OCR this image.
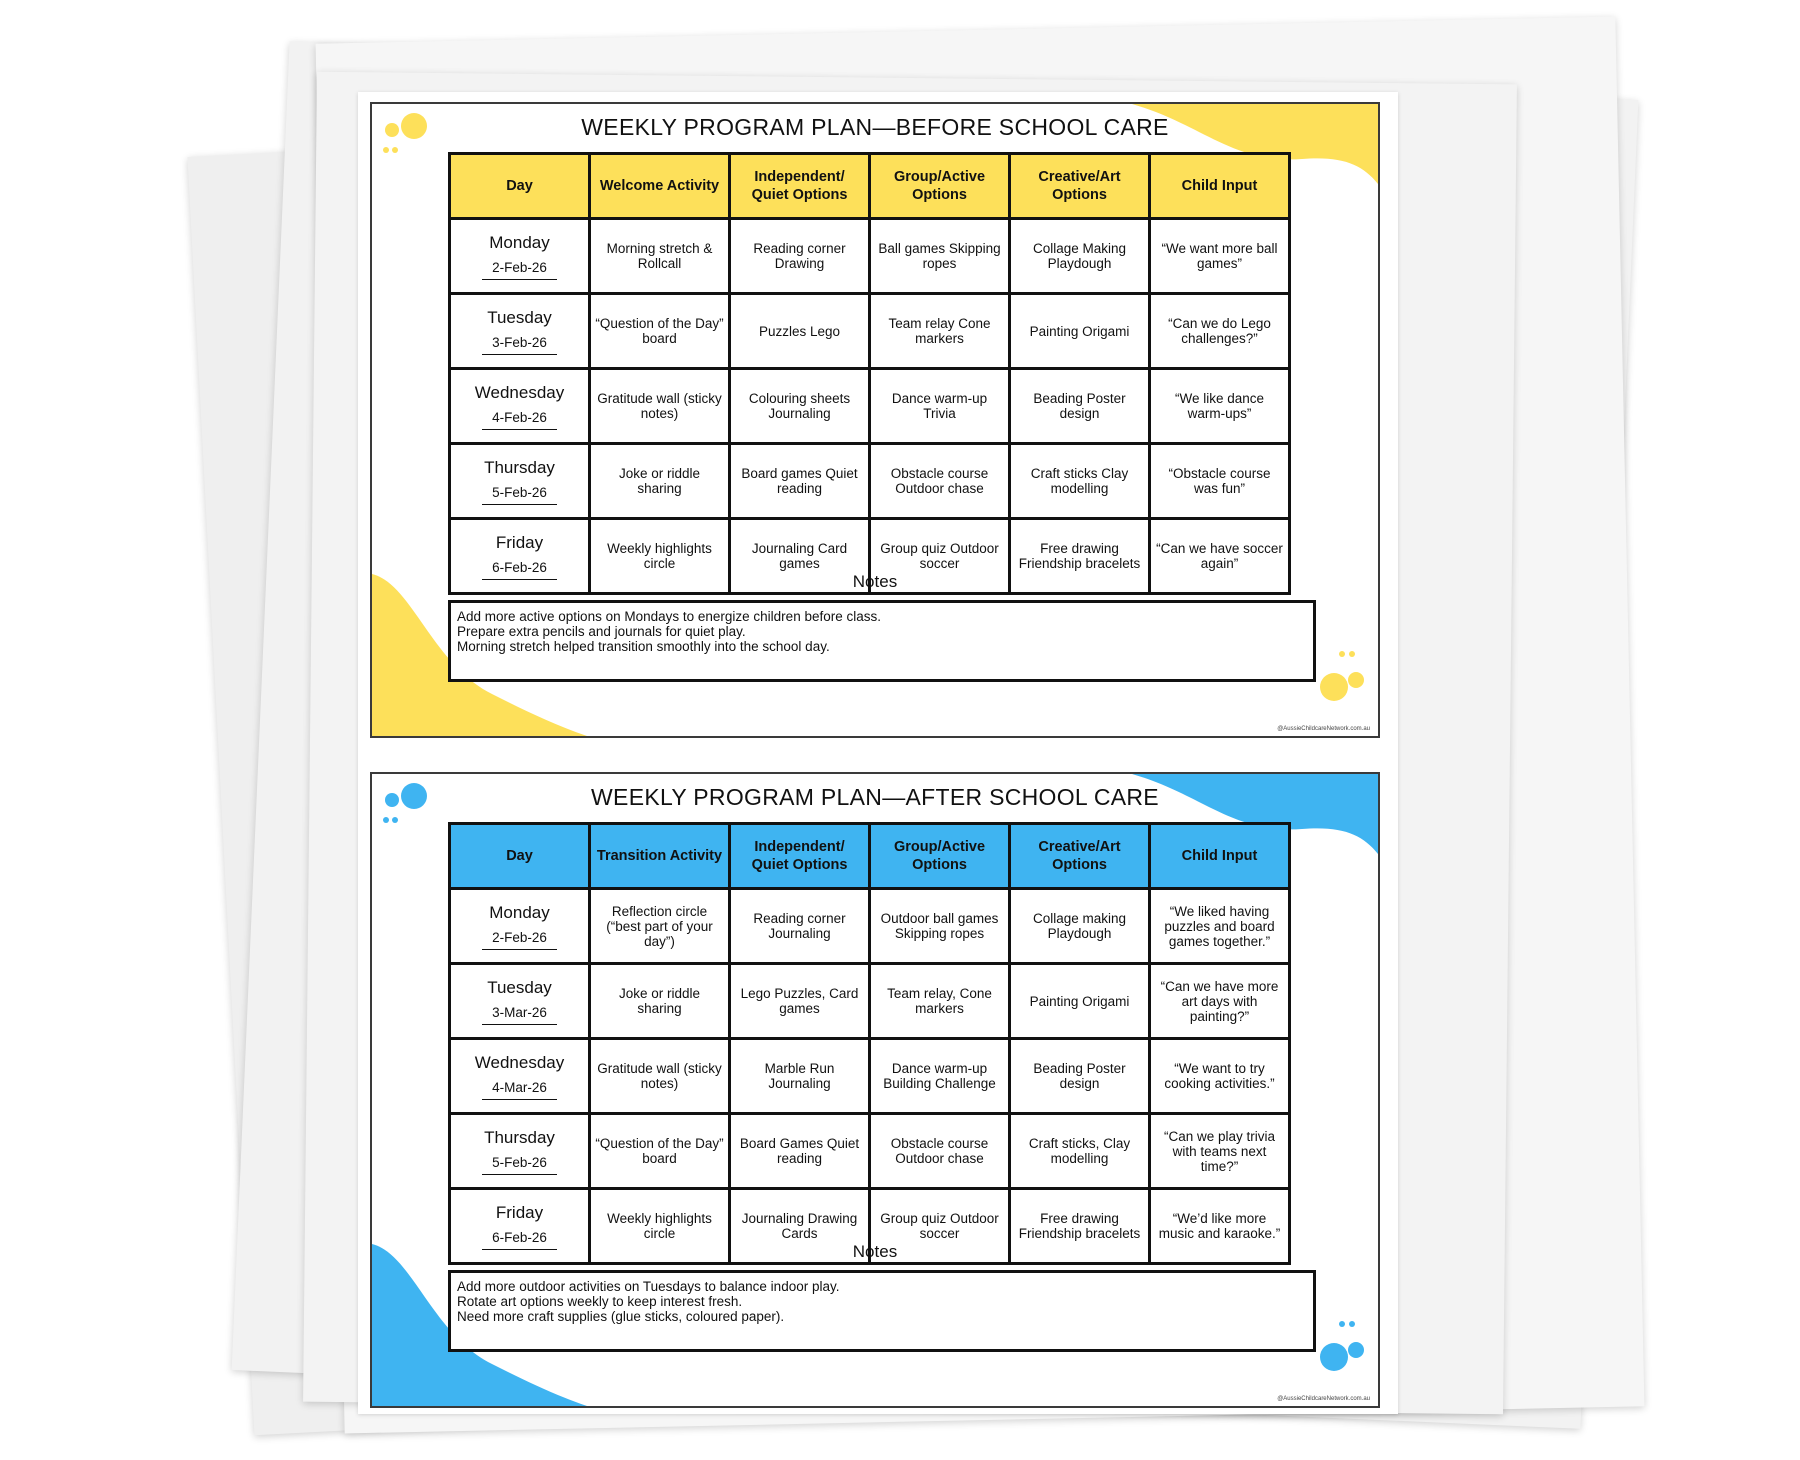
WEEKLY PROGRAM PLAN—BEFORE SCHOOL CARE
Day	Welcome Activity	Independent/ Quiet Options	Group/Active Options	Creative/Art Options	Child Input

Monday
2-Feb-26	Morning stretch & Rollcall	Reading corner Drawing	Ball games Skipping ropes	Collage Making Playdough	“We want more ball games”

Tuesday
3-Feb-26	“Question of the Day” board	Puzzles Lego	Team relay Cone markers	Painting Origami	“Can we do Lego challenges?”

Wednesday
4-Feb-26	Gratitude wall (sticky notes)	Colouring sheets Journaling	Dance warm-up Trivia	Beading Poster design	“We like dance warm-ups”

Thursday
5-Feb-26	Joke or riddle sharing	Board games Quiet reading	Obstacle course Outdoor chase	Craft sticks Clay modelling	“Obstacle course was fun”

Friday
6-Feb-26	Weekly highlights circle	Journaling Card games	Group quiz Outdoor soccer	Free drawing Friendship bracelets	“Can we have soccer again”
Notes
Add more active options on Mondays to energize children before class.
Prepare extra pencils and journals for quiet play.
Morning stretch helped transition smoothly into the school day.
@AussieChildcareNetwork.com.au
WEEKLY PROGRAM PLAN—AFTER SCHOOL CARE
Day	Transition Activity	Independent/ Quiet Options	Group/Active Options	Creative/Art Options	Child Input

Monday
2-Feb-26	Reflection circle (“best part of your day”)	Reading corner Journaling	Outdoor ball games Skipping ropes	Collage making Playdough	“We liked having puzzles and board games together.”

Tuesday
3-Mar-26	Joke or riddle sharing	Lego Puzzles, Card games	Team relay, Cone markers	Painting Origami	“Can we have more art days with painting?”

Wednesday
4-Mar-26	Gratitude wall (sticky notes)	Marble Run Journaling	Dance warm-up Building Challenge	Beading Poster design	“We want to try cooking activities.”

Thursday
5-Feb-26	“Question of the Day” board	Board Games Quiet reading	Obstacle course Outdoor chase	Craft sticks, Clay modelling	“Can we play trivia with teams next time?”

Friday
6-Feb-26	Weekly highlights circle	Journaling Drawing Cards	Group quiz Outdoor soccer	Free drawing Friendship bracelets	“We’d like more music and karaoke.”
Notes
Add more outdoor activities on Tuesdays to balance indoor play.
Rotate art options weekly to keep interest fresh.
Need more craft supplies (glue sticks, coloured paper).
@AussieChildcareNetwork.com.au
